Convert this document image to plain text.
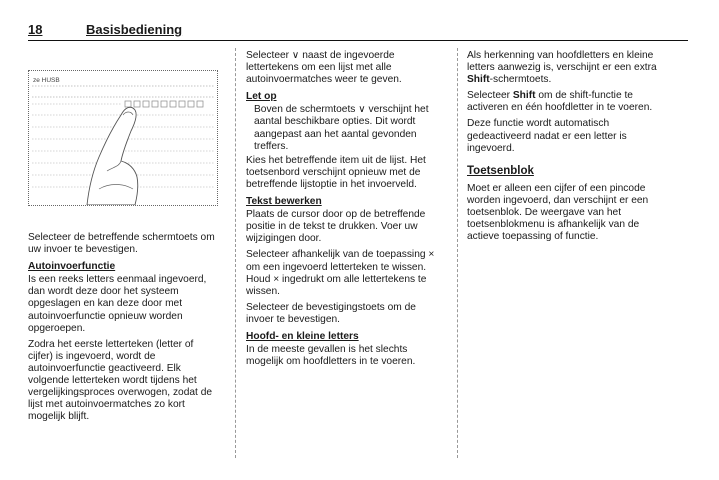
18	Basisbediening
ze HUSB

Selecteer de betreffende schermtoets om uw invoer te bevestigen.

Autoinvoerfunctie

Is een reeks letters eenmaal ingevoerd, dan wordt deze door het systeem opgeslagen en kan deze door met autoinvoerfunctie opnieuw worden opgeroepen.

Zodra het eerste letterteken (letter of cijfer) is ingevoerd, wordt de autoinvoerfunctie geactiveerd. Elk volgende letterteken wordt tijdens het vergelijkingsproces overwogen, zodat de lijst met autoinvoermatches zo kort mogelijk blijft.

Selecteer ∨ naast de ingevoerde lettertekens om een lijst met alle autoinvoermatches weer te geven.

Let op

Boven de schermtoets ∨ verschijnt het aantal beschikbare opties. Dit wordt aangepast aan het aantal gevonden treffers.

Kies het betreffende item uit de lijst. Het toetsenbord verschijnt opnieuw met de betreffende lijstoptie in het invoerveld.

Tekst bewerken

Plaats de cursor door op de betreffende positie in de tekst te drukken. Voer uw wijzigingen door.

Selecteer afhankelijk van de toepassing × om een ingevoerd letterteken te wissen. Houd × ingedrukt om alle lettertekens te wissen.

Selecteer de bevestigingstoets om de invoer te bevestigen.

Hoofd- en kleine letters

In de meeste gevallen is het slechts mogelijk om hoofdletters in te voeren.

Als herkenning van hoofdletters en kleine letters aanwezig is, verschijnt er een extra Shift-schermtoets.

Selecteer Shift om de shift-functie te activeren en één hoofdletter in te voeren.

Deze functie wordt automatisch gedeactiveerd nadat er een letter is ingevoerd.

Toetsenblok

Moet er alleen een cijfer of een pincode worden ingevoerd, dan verschijnt er een toetsenblok. De weergave van het toetsenblokmenu is afhankelijk van de actieve toepassing of functie.
